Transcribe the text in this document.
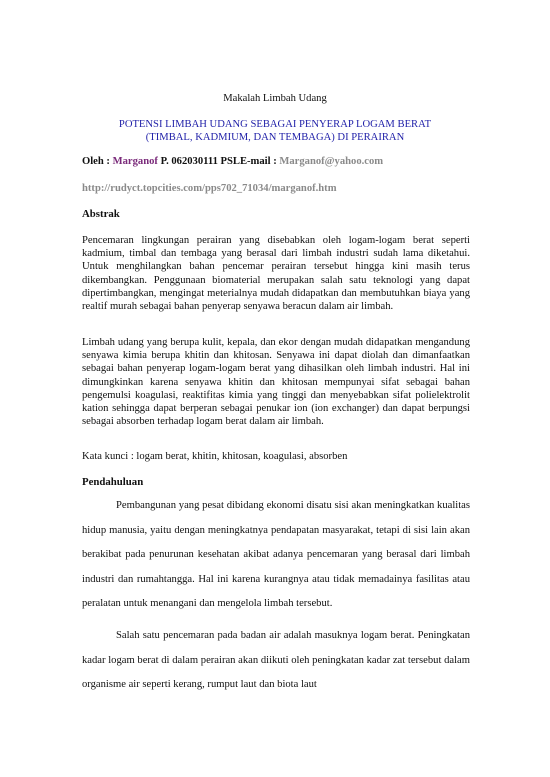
Makalah Limbah Udang
POTENSI LIMBAH UDANG SEBAGAI PENYERAP LOGAM BERAT
(TIMBAL, KADMIUM, DAN TEMBAGA) DI PERAIRAN
Oleh : Marganof P. 062030111 PSLE-mail : Marganof@yahoo.com
http://rudyct.topcities.com/pps702_71034/marganof.htm
Abstrak

Pencemaran lingkungan perairan yang disebabkan oleh logam-logam berat seperti kadmium, timbal dan tembaga yang berasal dari limbah industri sudah lama diketahui. Untuk menghilangkan bahan pencemar perairan tersebut hingga kini masih terus dikembangkan. Penggunaan biomaterial merupakan salah satu teknologi yang dapat dipertimbangkan, mengingat meterialnya mudah didapatkan dan membutuhkan biaya yang realtif murah sebagai bahan penyerap senyawa beracun dalam air limbah.

Limbah udang yang berupa kulit, kepala, dan ekor dengan mudah didapatkan mengandung senyawa kimia berupa khitin dan khitosan. Senyawa ini dapat diolah dan dimanfaatkan sebagai bahan penyerap logam-logam berat yang dihasilkan oleh limbah industri. Hal ini dimungkinkan karena senyawa khitin dan khitosan mempunyai sifat sebagai bahan pengemulsi koagulasi, reaktifitas kimia yang tinggi dan menyebabkan sifat polielektrolit kation sehingga dapat berperan sebagai penukar ion (ion exchanger) dan dapat berpungsi sebagai absorben terhadap logam berat dalam air limbah.

Kata kunci : logam berat, khitin, khitosan, koagulasi, absorben
Pendahuluan

Pembangunan yang pesat dibidang ekonomi disatu sisi akan meningkatkan kualitas hidup manusia, yaitu dengan meningkatnya pendapatan masyarakat, tetapi di sisi lain akan berakibat pada penurunan kesehatan akibat adanya pencemaran yang berasal dari limbah industri dan rumahtangga. Hal ini karena kurangnya atau tidak memadainya fasilitas atau peralatan untuk menangani dan mengelola limbah tersebut.

Salah satu pencemaran pada badan air adalah masuknya logam berat. Peningkatan kadar logam berat di dalam perairan akan diikuti oleh peningkatan kadar zat tersebut dalam organisme air seperti kerang, rumput laut dan biota laut
